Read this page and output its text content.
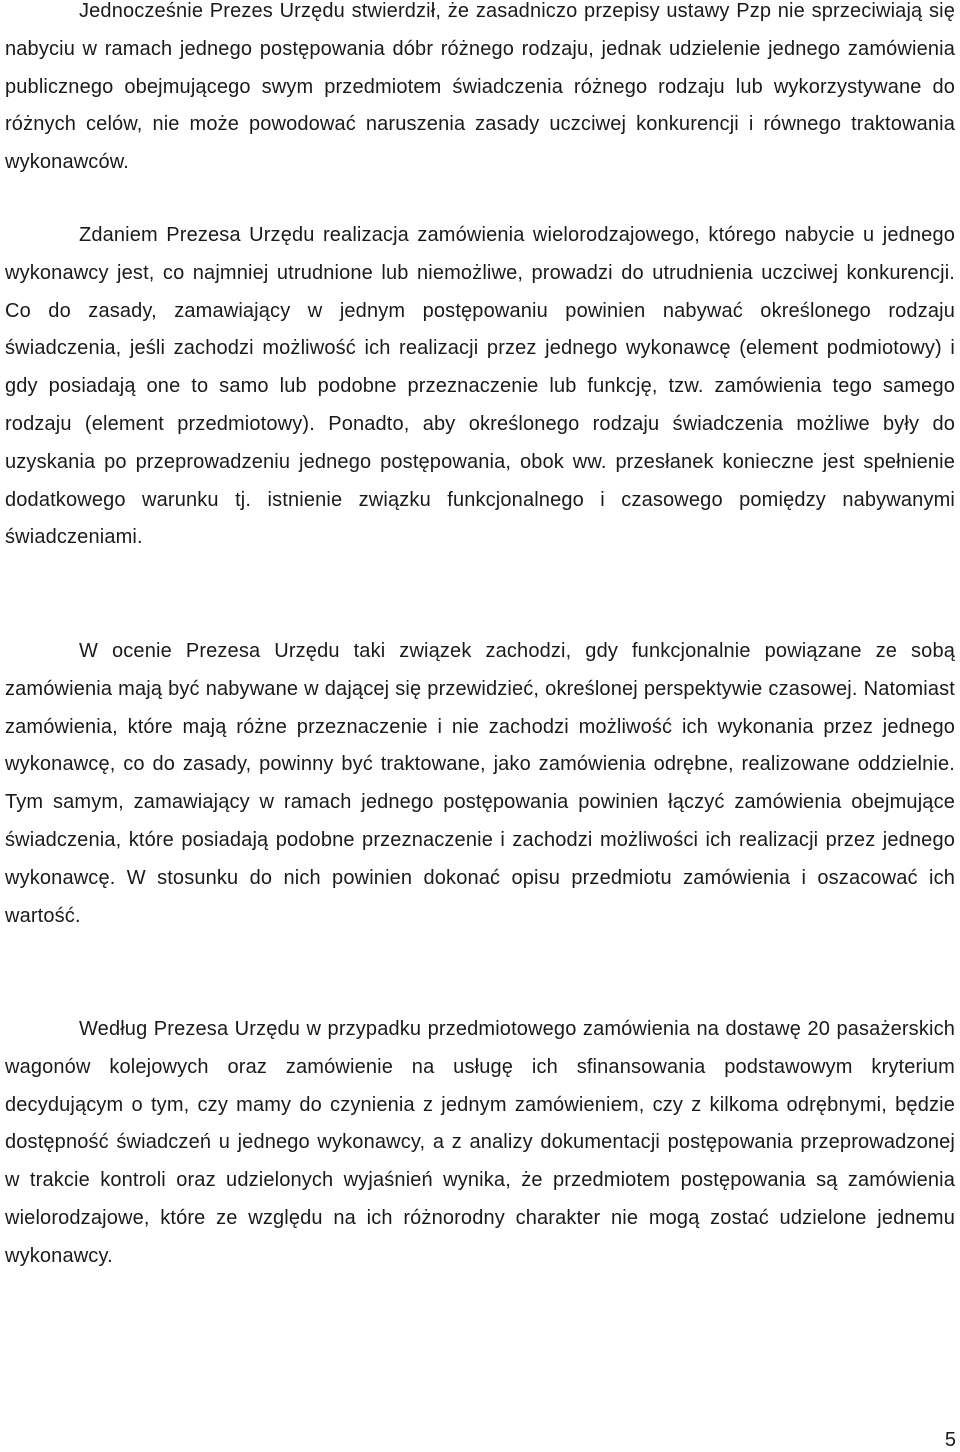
Jednocześnie Prezes Urzędu stwierdził, że zasadniczo przepisy ustawy Pzp nie sprzeciwiają się nabyciu w ramach jednego postępowania dóbr różnego rodzaju, jednak udzielenie jednego zamówienia publicznego obejmującego swym przedmiotem świadczenia różnego rodzaju lub wykorzystywane do różnych celów, nie może powodować naruszenia zasady uczciwej konkurencji i równego traktowania wykonawców.

Zdaniem Prezesa Urzędu realizacja zamówienia wielorodzajowego, którego nabycie u jednego wykonawcy jest, co najmniej utrudnione lub niemożliwe, prowadzi do utrudnienia uczciwej konkurencji. Co do zasady, zamawiający w jednym postępowaniu powinien nabywać określonego rodzaju świadczenia, jeśli zachodzi możliwość ich realizacji przez jednego wykonawcę (element podmiotowy) i gdy posiadają one to samo lub podobne przeznaczenie lub funkcję, tzw. zamówienia tego samego rodzaju (element przedmiotowy). Ponadto, aby określonego rodzaju świadczenia możliwe były do uzyskania po przeprowadzeniu jednego postępowania, obok ww. przesłanek konieczne jest spełnienie dodatkowego warunku tj. istnienie związku funkcjonalnego i czasowego pomiędzy nabywanymi świadczeniami.

W ocenie Prezesa Urzędu taki związek zachodzi, gdy funkcjonalnie powiązane ze sobą zamówienia mają być nabywane w dającej się przewidzieć, określonej perspektywie czasowej. Natomiast zamówienia, które mają różne przeznaczenie i nie zachodzi możliwość ich wykonania przez jednego wykonawcę, co do zasady, powinny być traktowane, jako zamówienia odrębne, realizowane oddzielnie. Tym samym, zamawiający w ramach jednego postępowania powinien łączyć zamówienia obejmujące świadczenia, które posiadają podobne przeznaczenie i zachodzi możliwości ich realizacji przez jednego wykonawcę. W stosunku do nich powinien dokonać opisu przedmiotu zamówienia i oszacować ich wartość.

Według Prezesa Urzędu w przypadku przedmiotowego zamówienia na dostawę 20 pasażerskich wagonów kolejowych oraz zamówienie na usługę ich sfinansowania podstawowym kryterium decydującym o tym, czy mamy do czynienia z jednym zamówieniem, czy z kilkoma odrębnymi, będzie dostępność świadczeń u jednego wykonawcy, a z analizy dokumentacji postępowania przeprowadzonej w trakcie kontroli oraz udzielonych wyjaśnień wynika, że przedmiotem postępowania są zamówienia wielorodzajowe, które ze względu na ich różnorodny charakter nie mogą zostać udzielone jednemu wykonawcy.

5
